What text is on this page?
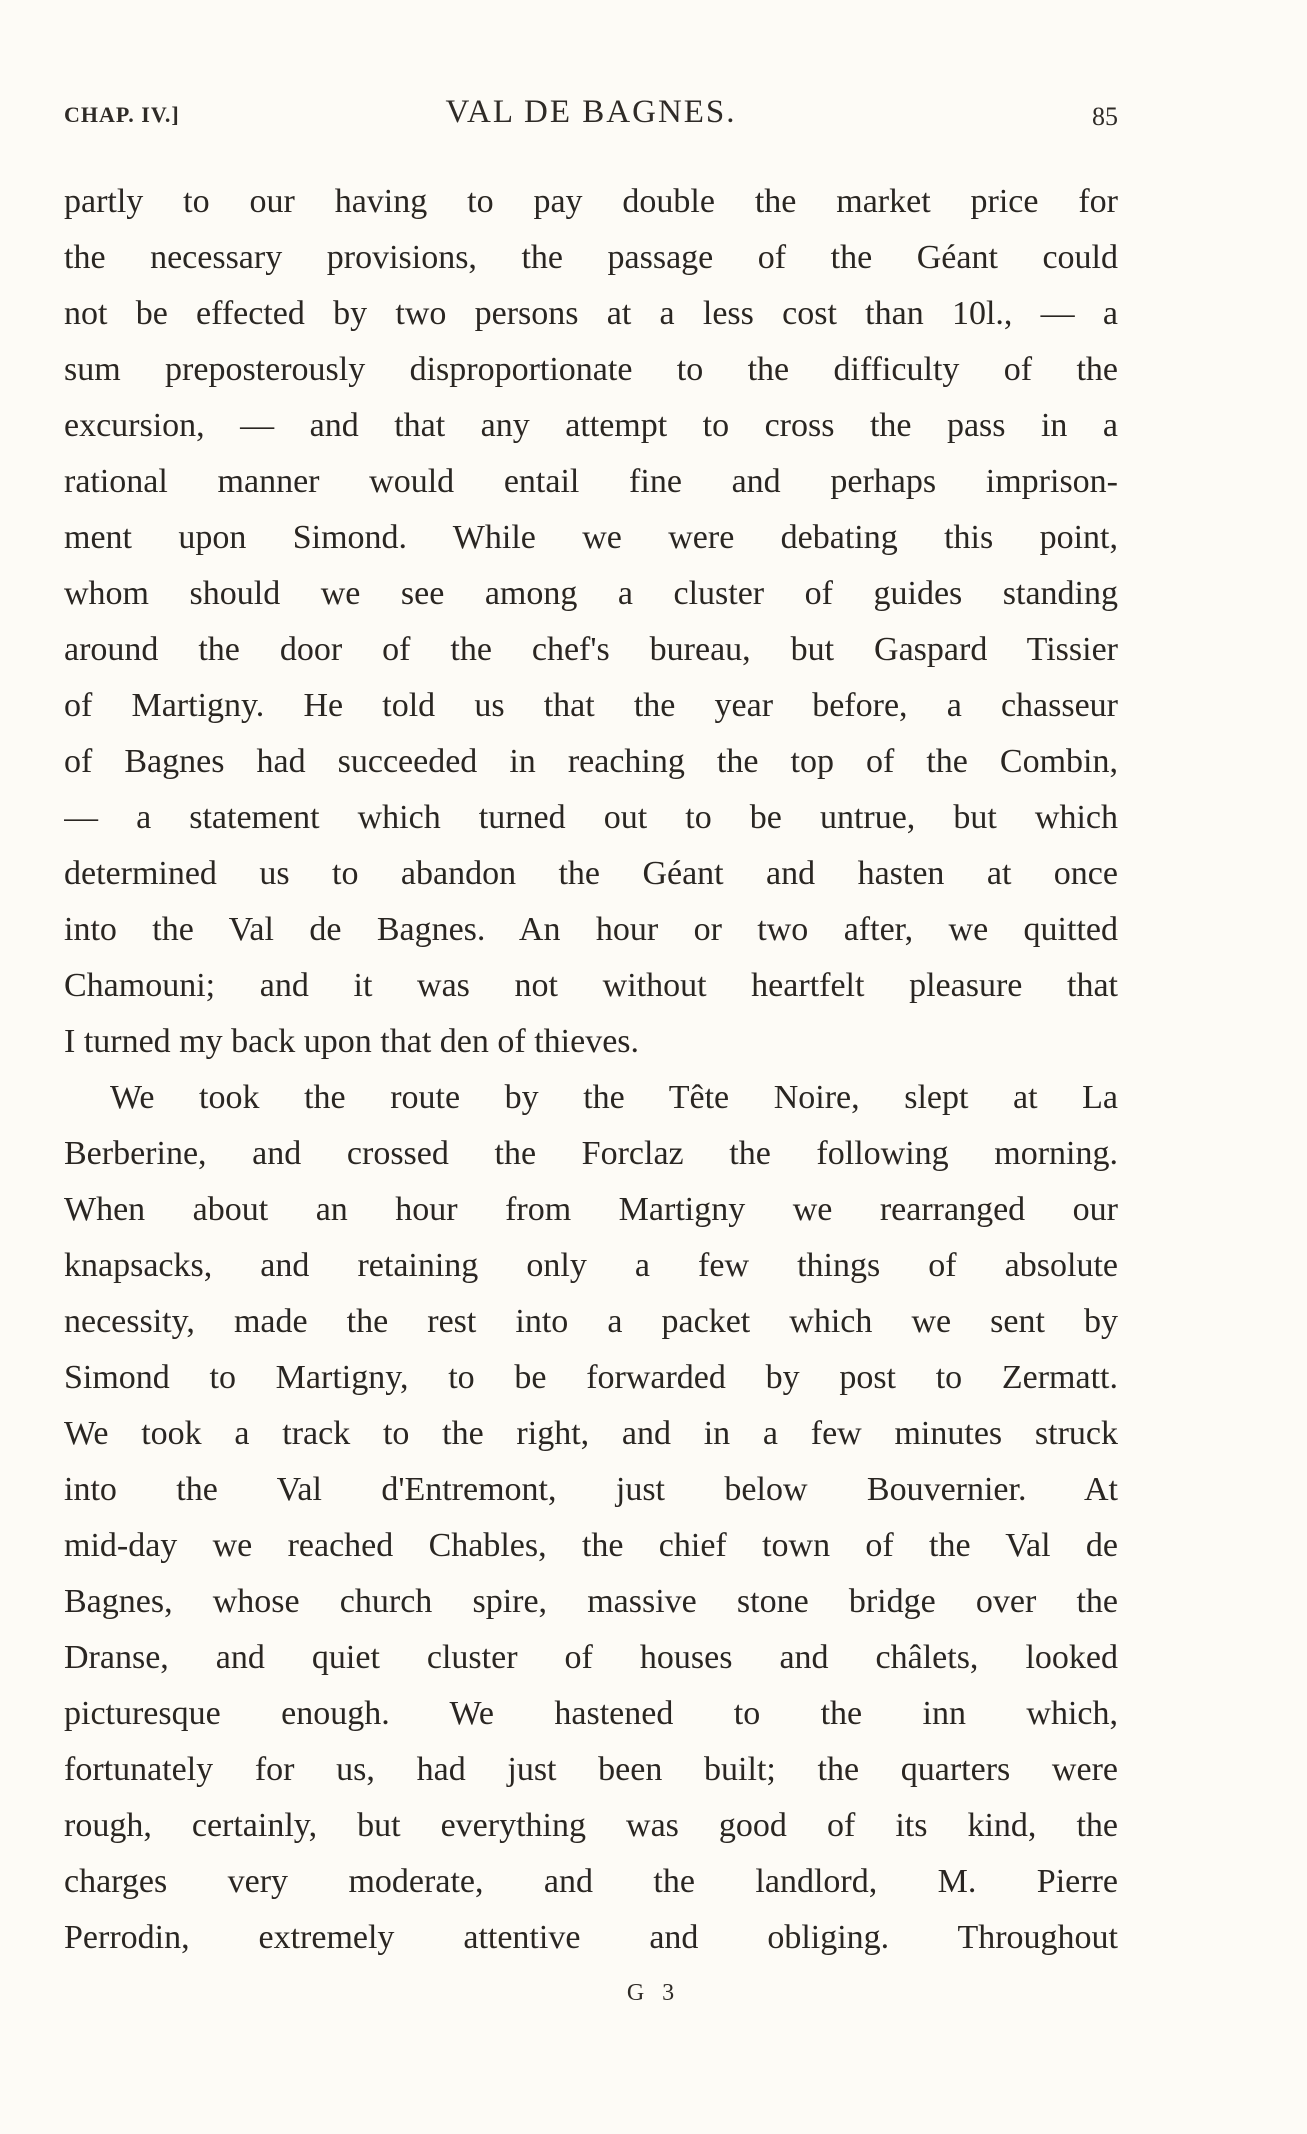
CHAP. IV.]	VAL DE BAGNES.	85
partly to our having to pay double the market price for
the necessary provisions, the passage of the Géant could
not be effected by two persons at a less cost than 10l., — a
sum preposterously disproportionate to the difficulty of the
excursion, — and that any attempt to cross the pass in a
rational manner would entail fine and perhaps imprison-
ment upon Simond. While we were debating this point,
whom should we see among a cluster of guides standing
around the door of the chef's bureau, but Gaspard Tissier
of Martigny. He told us that the year before, a chasseur
of Bagnes had succeeded in reaching the top of the Combin,
— a statement which turned out to be untrue, but which
determined us to abandon the Géant and hasten at once
into the Val de Bagnes. An hour or two after, we quitted
Chamouni; and it was not without heartfelt pleasure that
I turned my back upon that den of thieves.
We took the route by the Tête Noire, slept at La
Berberine, and crossed the Forclaz the following morning.
When about an hour from Martigny we rearranged our
knapsacks, and retaining only a few things of absolute
necessity, made the rest into a packet which we sent by
Simond to Martigny, to be forwarded by post to Zermatt.
We took a track to the right, and in a few minutes struck
into the Val d'Entremont, just below Bouvernier. At
mid-day we reached Chables, the chief town of the Val de
Bagnes, whose church spire, massive stone bridge over the
Dranse, and quiet cluster of houses and châlets, looked
picturesque enough. We hastened to the inn which,
fortunately for us, had just been built; the quarters were
rough, certainly, but everything was good of its kind, the
charges very moderate, and the landlord, M. Pierre
Perrodin, extremely attentive and obliging. Throughout
G 3
